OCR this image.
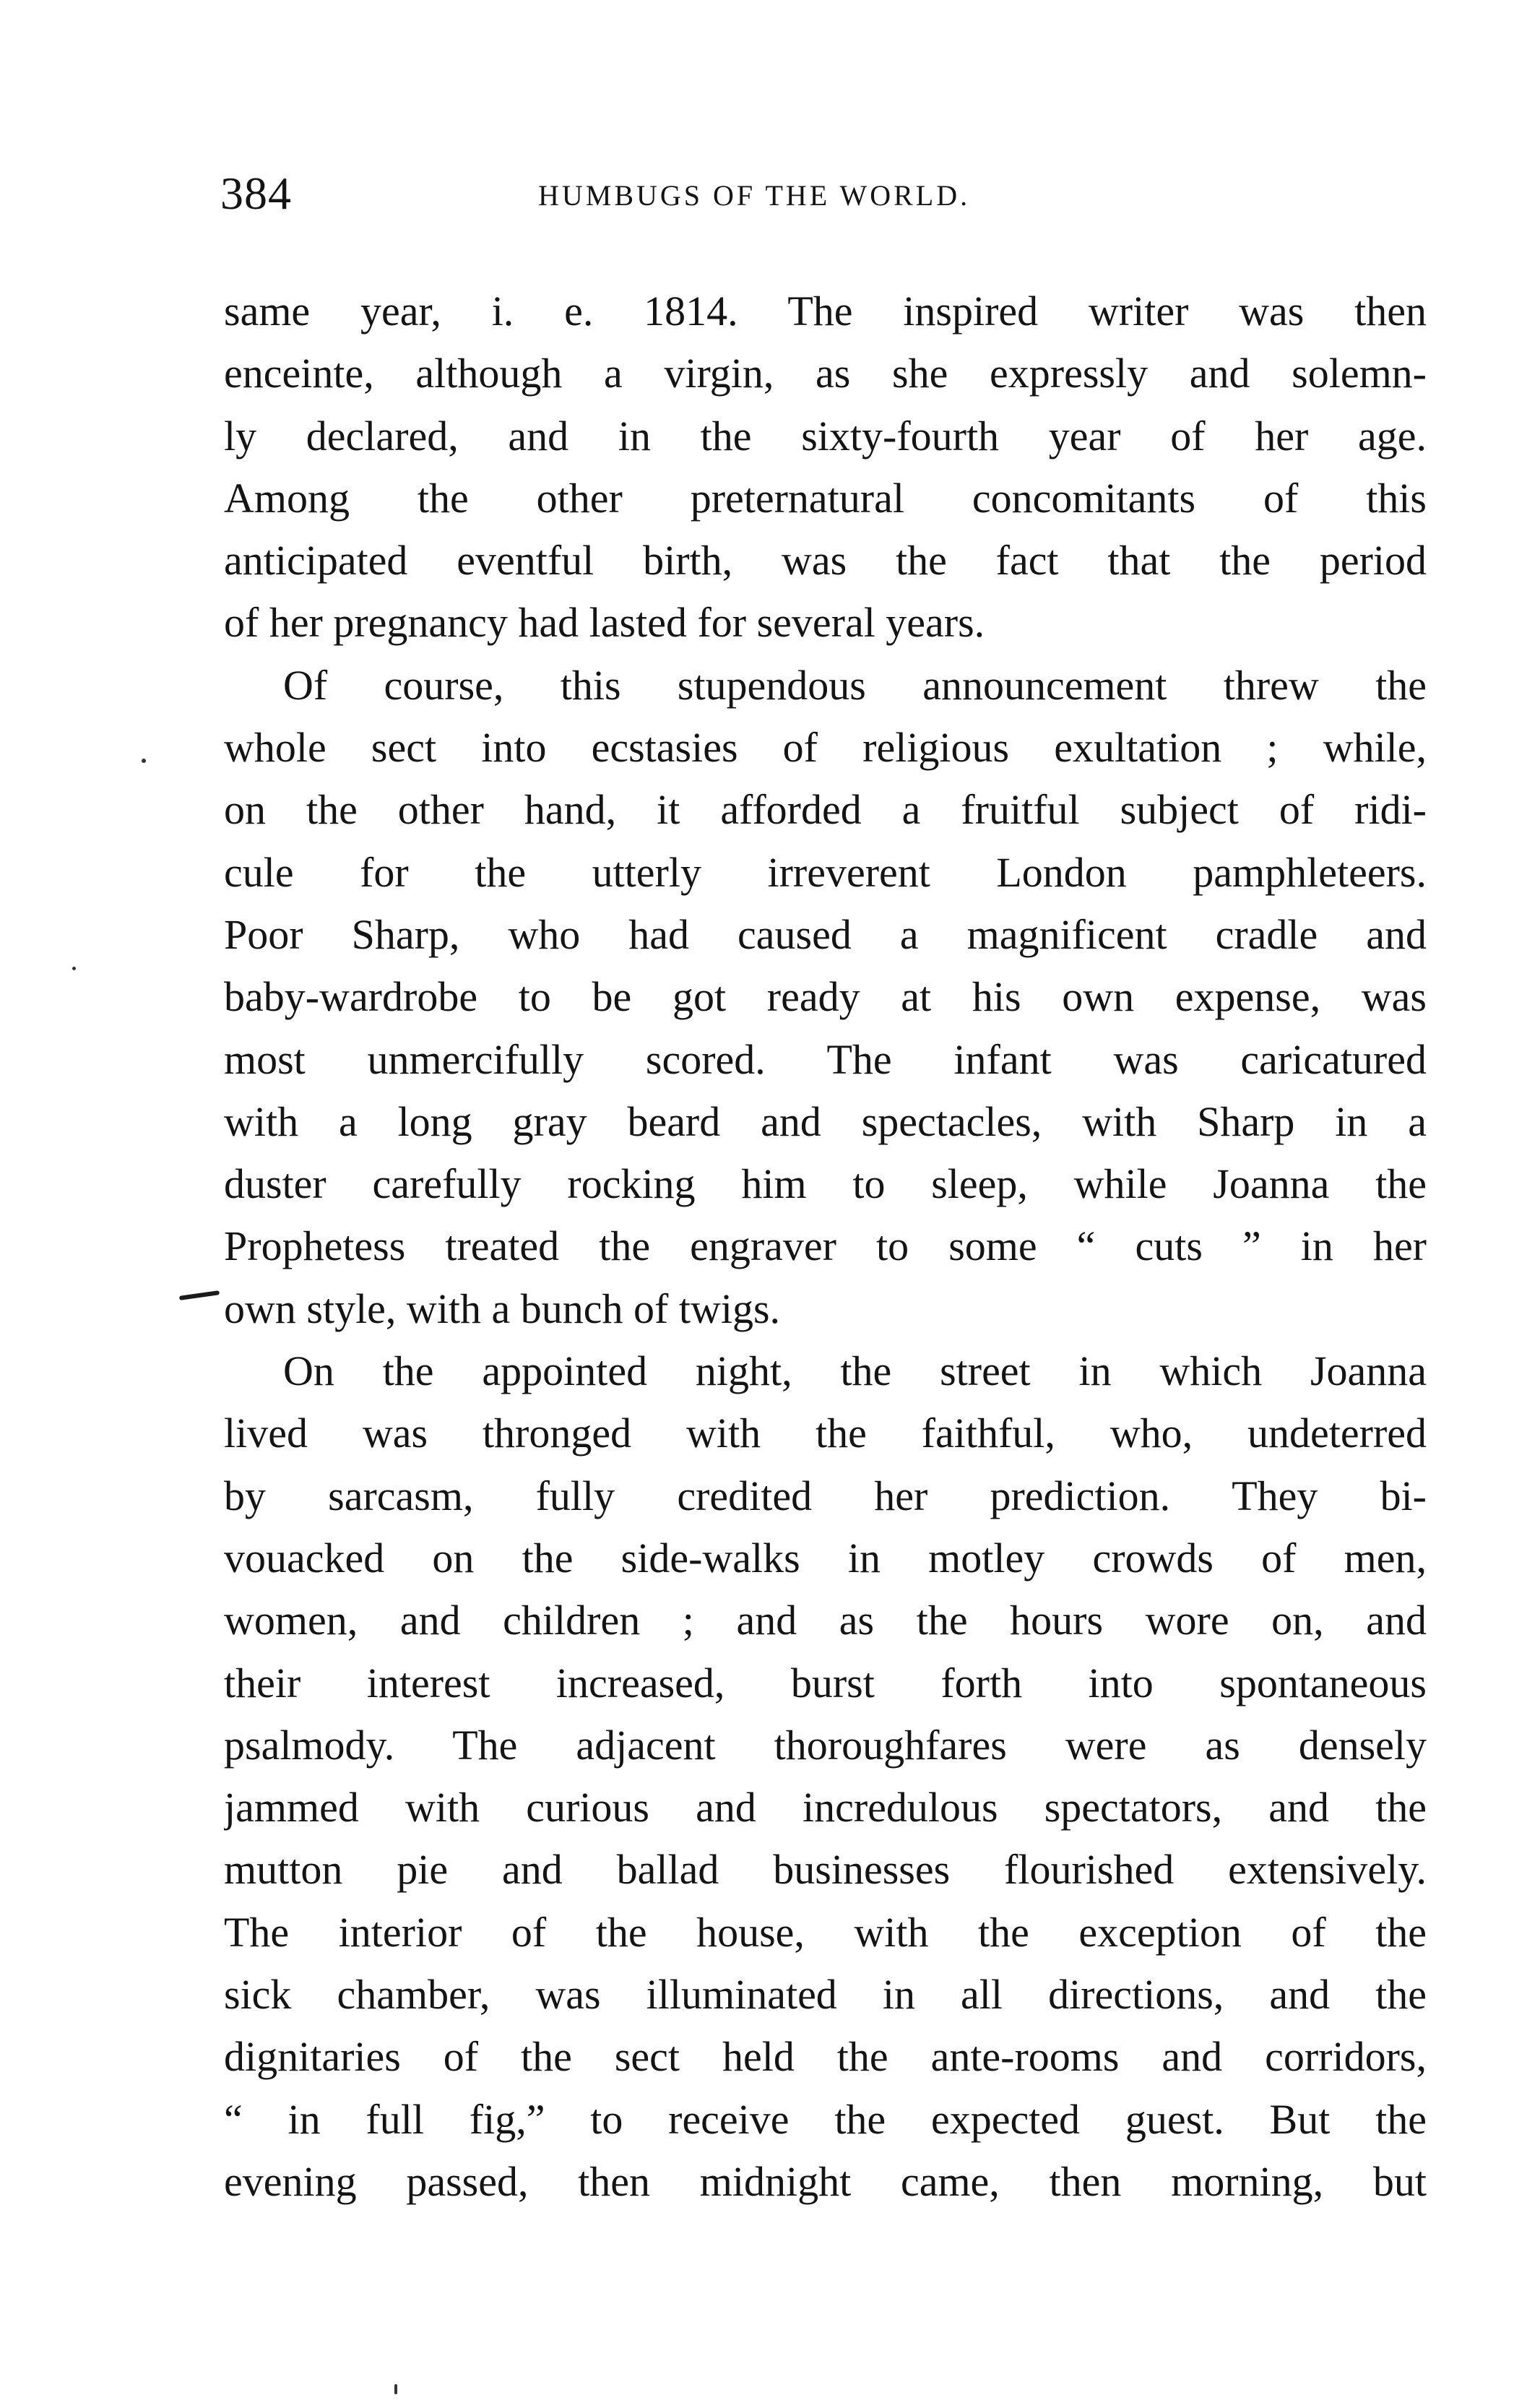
384	HUMBUGS OF THE WORLD.
same year, i. e. 1814. The inspired writer was then
enceinte, although a virgin, as she expressly and solemn-
ly declared, and in the sixty-fourth year of her age.
Among the other preternatural concomitants of this
anticipated eventful birth, was the fact that the period
of her pregnancy had lasted for several years.
Of course, this stupendous announcement threw the
whole sect into ecstasies of religious exultation ; while,
on the other hand, it afforded a fruitful subject of ridi-
cule for the utterly irreverent London pamphleteers.
Poor Sharp, who had caused a magnificent cradle and
baby-wardrobe to be got ready at his own expense, was
most unmercifully scored. The infant was caricatured
with a long gray beard and spectacles, with Sharp in a
duster carefully rocking him to sleep, while Joanna the
Prophetess treated the engraver to some “ cuts ” in her
own style, with a bunch of twigs.
On the appointed night, the street in which Joanna
lived was thronged with the faithful, who, undeterred
by sarcasm, fully credited her prediction. They bi-
vouacked on the side-walks in motley crowds of men,
women, and children ; and as the hours wore on, and
their interest increased, burst forth into spontaneous
psalmody. The adjacent thoroughfares were as densely
jammed with curious and incredulous spectators, and the
mutton pie and ballad businesses flourished extensively.
The interior of the house, with the exception of the
sick chamber, was illuminated in all directions, and the
dignitaries of the sect held the ante-rooms and corridors,
“ in full fig,” to receive the expected guest. But the
evening passed, then midnight came, then morning, but
